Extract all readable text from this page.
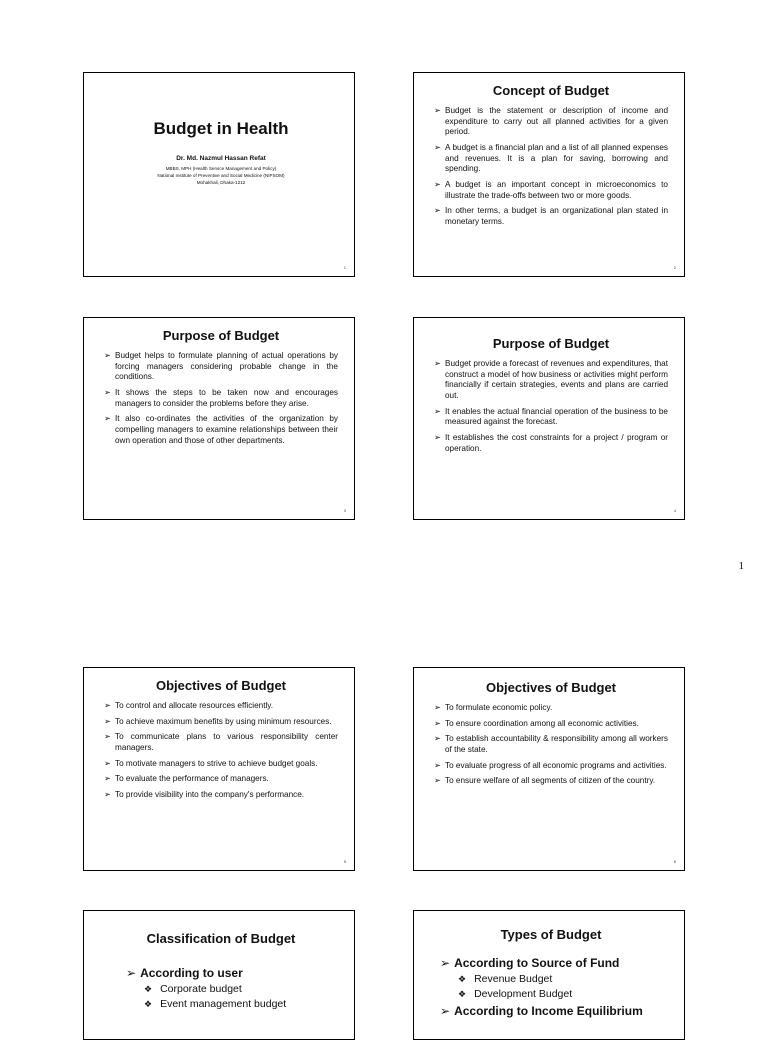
Budget in Health
Dr. Md. Nazmul Hassan Refat
MBBS, MPH (Health Service Management and Policy)
National Institute of Preventive and Social Medicine (NIPSOM)
Mohakhali, Dhaka-1212
1
Concept of Budget
➢ Budget is the statement or description of income and expenditure to carry out all planned activities for a given period.
➢ A budget is a financial plan and a list of all planned expenses and revenues. It is a plan for saving, borrowing and spending.
➢ A budget is an important concept in microeconomics to illustrate the trade-offs between two or more goods.
➢ In other terms, a budget is an organizational plan stated in monetary terms.
2
Purpose of Budget
➢ Budget helps to formulate planning of actual operations by forcing managers considering probable change in the conditions.
➢ It shows the steps to be taken now and encourages managers to consider the problems before they arise.
➢ It also co-ordinates the activities of the organization by compelling managers to examine relationships between their own operation and those of other departments.
3
Purpose of Budget
➢ Budget provide a forecast of revenues and expenditures, that construct a model of how business or activities might perform financially if certain strategies, events and plans are carried out.
➢ It enables the actual financial operation of the business to be measured against the forecast.
➢ It establishes the cost constraints for a project / program or operation.
4
1
Objectives of Budget
➢ To control and allocate resources efficiently.
➢ To achieve maximum benefits by using minimum resources.
➢ To communicate plans to various responsibility center managers.
➢ To motivate managers to strive to achieve budget goals.
➢ To evaluate the performance of managers.
➢ To provide visibility into the company's performance.
5
Objectives of Budget
➢ To formulate economic policy.
➢ To ensure coordination among all economic activities.
➢ To establish accountability & responsibility among all workers of the state.
➢ To evaluate progress of all economic programs and activities.
➢ To ensure welfare of all segments of citizen of the country.
6
Classification of Budget
➢ According to user
❖ Corporate budget
❖ Event management budget
Types of Budget
➢ According to Source of Fund
❖ Revenue Budget
❖ Development Budget
➢ According to Income Equilibrium
